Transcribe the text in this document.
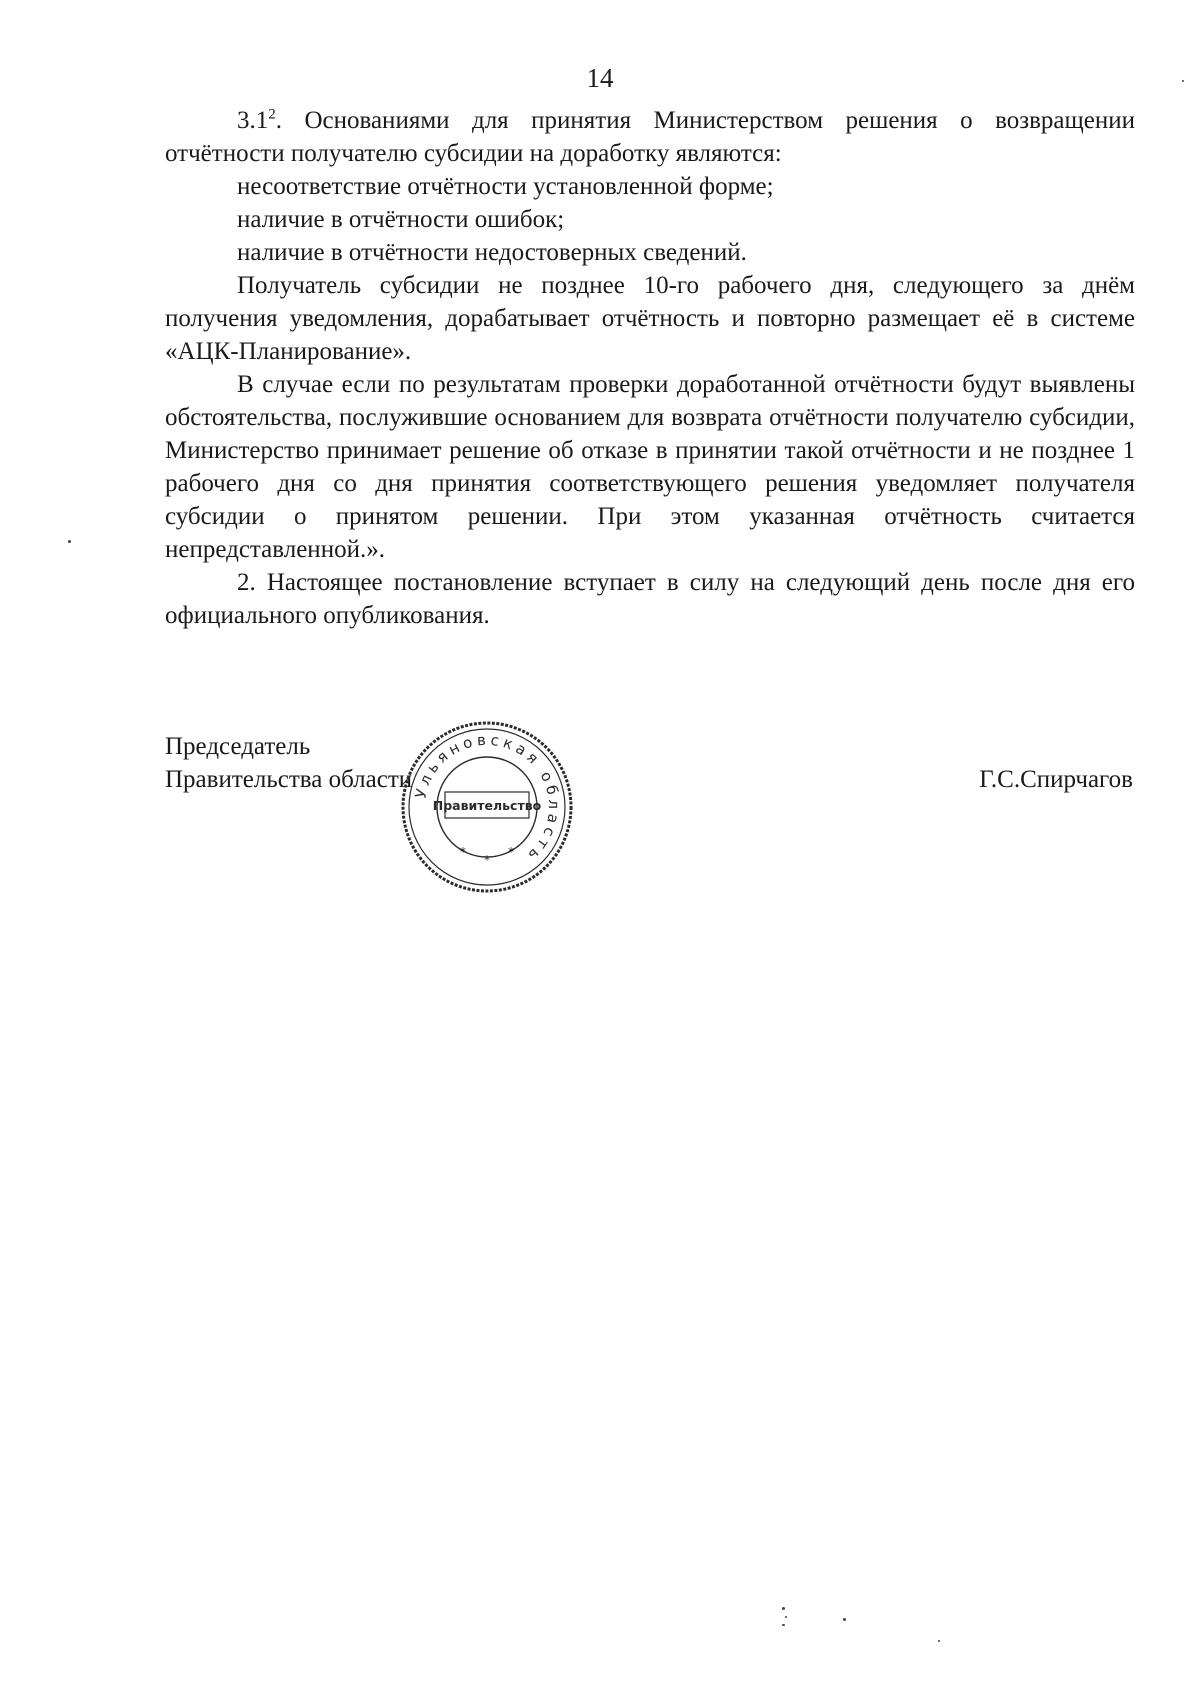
14

$3.1^2$. Основаниями для принятия Министерством решения о возвращении отчётности получателю субсидии на доработку являются:

несоответствие отчётности установленной форме;

наличие в отчётности ошибок;

наличие в отчётности недостоверных сведений.

Получатель субсидии не позднее 10-го рабочего дня, следующего за днём получения уведомления, дорабатывает отчётность и повторно размещает её в системе «АЦК-Планирование».

В случае если по результатам проверки доработанной отчётности будут выявлены обстоятельства, послужившие основанием для возврата отчётности получателю субсидии, Министерство принимает решение об отказе в принятии такой отчётности и не позднее 1 рабочего дня со дня принятия соответствующего решения уведомляет получателя субсидии о принятом решении. При этом указанная отчётность считается непредставленной.».

2. Настоящее постановление вступает в силу на следующий день после дня его официального опубликования.

Председатель
Правительства области	Г.С.Спирчагов
Ульяновская область
Правительство
*
*
*
